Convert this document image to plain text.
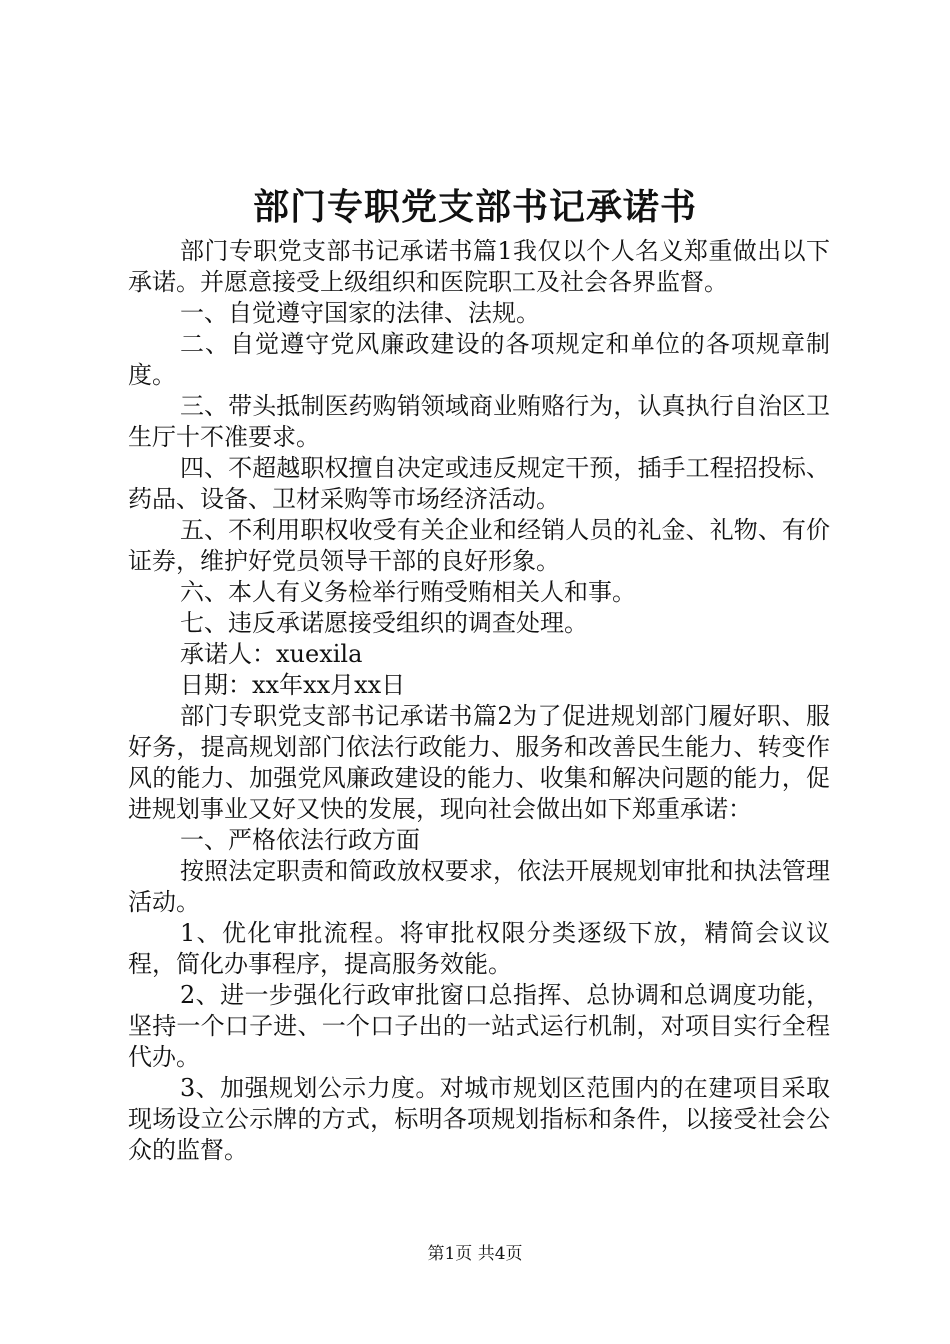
部门专职党支部书记承诺书

部门专职党支部书记承诺书篇1我仅以个人名义郑重做出以下承诺。并愿意接受上级组织和医院职工及社会各界监督。

一、自觉遵守国家的法律、法规。

二、自觉遵守党风廉政建设的各项规定和单位的各项规章制度。

三、带头抵制医药购销领域商业贿赂行为，认真执行自治区卫生厅十不准要求。

四、不超越职权擅自决定或违反规定干预，插手工程招投标、药品、设备、卫材采购等市场经济活动。

五、不利用职权收受有关企业和经销人员的礼金、礼物、有价证券，维护好党员领导干部的良好形象。

六、本人有义务检举行贿受贿相关人和事。

七、违反承诺愿接受组织的调查处理。

承诺人：xuexila

日期：xx年xx月xx日

部门专职党支部书记承诺书篇2为了促进规划部门履好职、服好务，提高规划部门依法行政能力、服务和改善民生能力、转变作风的能力、加强党风廉政建设的能力、收集和解决问题的能力，促进规划事业又好又快的发展，现向社会做出如下郑重承诺：

一、严格依法行政方面

按照法定职责和简政放权要求，依法开展规划审批和执法管理活动。

1、优化审批流程。将审批权限分类逐级下放，精简会议议程，简化办事程序，提高服务效能。

2、进一步强化行政审批窗口总指挥、总协调和总调度功能，坚持一个口子进、一个口子出的一站式运行机制，对项目实行全程代办。

3、加强规划公示力度。对城市规划区范围内的在建项目采取现场设立公示牌的方式，标明各项规划指标和条件，以接受社会公众的监督。

第1页 共4页
